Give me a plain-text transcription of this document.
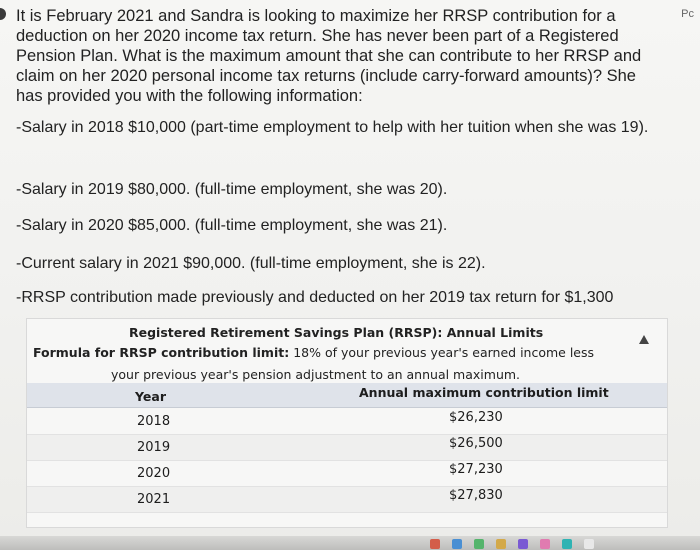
Pc

It is February 2021 and Sandra is looking to maximize her RRSP contribution for a

deduction on her 2020 income tax return. She has never been part of a Registered

Pension Plan. What is the maximum amount that she can contribute to her RRSP and

claim on her 2020 personal income tax returns (include carry-forward amounts)? She

has provided you with the following information:

-Salary in 2018 $10,000 (part-time employment to help with her tuition when she was 19).
-Salary in 2019 $80,000. (full-time employment, she was 20).
-Salary in 2020 $85,000. (full-time employment, she was 21).
-Current salary in 2021 $90,000. (full-time employment, she is 22).
-RRSP contribution made previously and deducted on her 2019 tax return for $1,300
Registered Retirement Savings Plan (RRSP): Annual Limits
Formula for RRSP contribution limit: 18% of your previous year's earned income less
your previous year's pension adjustment to an annual maximum.
Year	Annual maximum contribution limit
2018	$26,230
2019	$26,500
2020	$27,230
2021	$27,830
